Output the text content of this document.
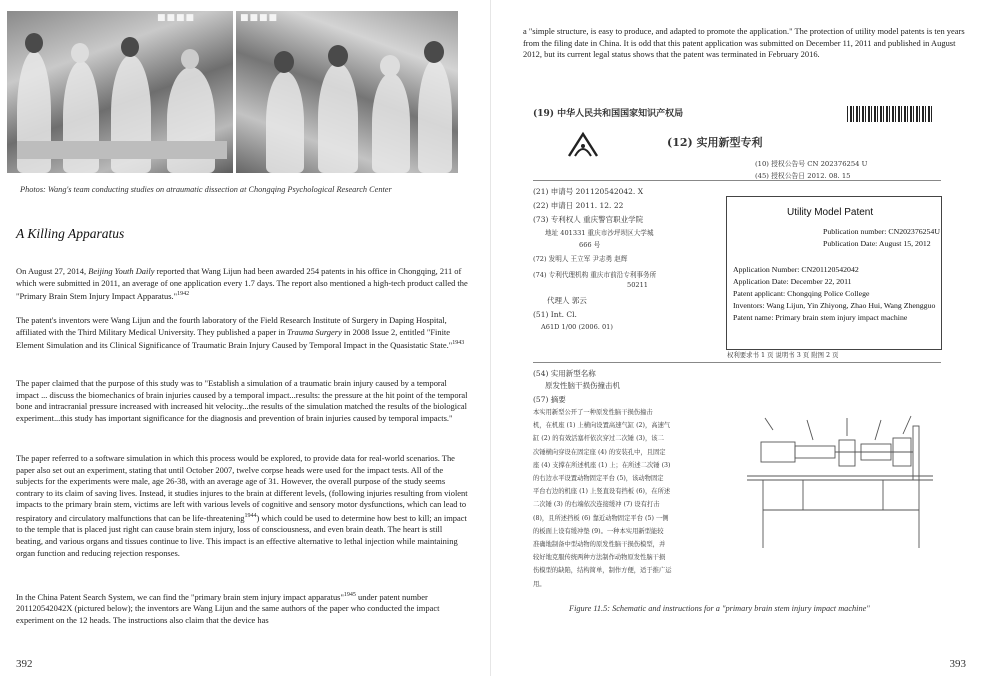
■■■■	■■■■
Photos: Wang's team conducting studies on atraumatic dissection at Chongqing Psychological Research Center
A Killing Apparatus

On August 27, 2014, Beijing Youth Daily reported that Wang Lijun had been awarded 254 patents in his office in Chongqing, 211 of which were submitted in 2011, an average of one application every 1.7 days. The report also mentioned a high-tech product called the "Primary Brain Stem Injury Impact Apparatus."$^{1942}$

The patent's inventors were Wang Lijun and the fourth laboratory of the Field Research Institute of Surgery in Daping Hospital, affiliated with the Third Military Medical University. They published a paper in Trauma Surgery in 2008 Issue 2, entitled "Finite Element Simulation and its Clinical Significance of Traumatic Brain Injury Caused by Temporal Impact in the Quasistatic State."$^{1943}$

The paper claimed that the purpose of this study was to "Establish a simulation of a traumatic brain injury caused by a temporal impact ... discuss the biomechanics of brain injuries caused by a temporal impact...results: the pressure at the hit point of the temporal bone and intracranial pressure increased with increased hit velocity...the results of the simulation matched the results of the biological experiment...this study has important significance for the diagnosis and prevention of brain injuries caused by temporal impacts."

The paper referred to a software simulation in which this process would be explored, to provide data for real-world scenarios. The paper also set out an experiment, stating that until October 2007, twelve corpse heads were used for the impact tests. All of the subjects for the experiments were male, age 26-38, with an average age of 31. However, the overall purpose of the study seems contrary to its claim of saving lives. Instead, it studies injures to the brain at different levels, (following injuries resulting from violent impacts to the primary brain stem, victims are left with various levels of cognitive and sensory motor dysfunctions, which can lead to respiratory and circulatory malfunctions that can be life-threatening$^{1944}$) which could be used to determine how best to kill; an impact to the temple that is placed just right can cause brain stem injury, loss of consciousness, and even brain death. The heart is still beating, and various organs and tissues continue to live. This impact is an effective alternative to lethal injection while maintaining organ function and reducing rejection responses.

In the China Patent Search System, we can find the "primary brain stem injury impact apparatus"$^{1945}$ under patent number 201120542042X (pictured below); the inventors are Wang Lijun and the same authors of the paper who conducted the impact experiment on the 12 heads. The instructions also claim that the device has

392
a "simple structure, is easy to produce, and adapted to promote the application." The protection of utility model patents is ten years from the filing date in China. It is odd that this patent application was submitted on December 11, 2011 and published in August 2012, but its current legal status shows that the patent was terminated in February 2016.
(19) 中华人民共和国国家知识产权局
(12) 实用新型专利
(10) 授权公告号 CN 202376254 U
(45) 授权公告日 2012. 08. 15
(21) 申请号 201120542042. X
(22) 申请日 2011. 12. 22
(73) 专利权人 重庆警官职业学院
地址 401331 重庆市沙坪坝区大学城
666 号
(72) 发明人 王立军 尹志勇 赵辉
(74) 专利代理机构 重庆市前沿专利事务所
50211
代理人 郭云
(51) Int. Cl.
A61D 1/00 (2006. 01)
Utility Model Patent
Publication number: CN202376254U
Publication Date: August 15, 2012
Application Number: CN201120542042
Application Date: December 22, 2011
Patent applicant: Chongqing Police College
Inventors: Wang Lijun, Yin Zhiyong, Zhao Hui, Wang Zhengguo
Patent name: Primary brain stem injury impact machine
权利要求书 1 页 说明书 3 页 附图 2 页
(54) 实用新型名称
原发性脑干损伤撞击机
(57) 摘要
本实用新型公开了一种原发性脑干损伤撞击
机，在机座 (1) 上横向设置高速气缸 (2)，高速气
缸 (2) 的有效活塞杆依次穿过二次锤 (3)，该二
次锤横向穿设在固定座 (4) 的安装孔中，且固定
座 (4) 支撑在所述机座 (1) 上；在所述二次锤 (3)
的右边水平设置动物固定平台 (5)，该动物固定
平台右边的机座 (1) 上竖直设有挡板 (6)，在所述
二次锤 (3) 的右端依次连接缓冲 (7) 设有打击
(8)，且所述挡板 (6) 靠近动物固定平台 (5) 一侧
的板面上设有缓冲垫 (9)。一种本实用新型能较
准确地制备中型动物的原发性脑干损伤模型，并
较好地克服传统两种方法制作动物原发性脑干损
伤模型的缺陷，结构简单，制作方便，适于推广运
用。
Figure 11.5: Schematic and instructions for a "primary brain stem injury impact machine"
393
